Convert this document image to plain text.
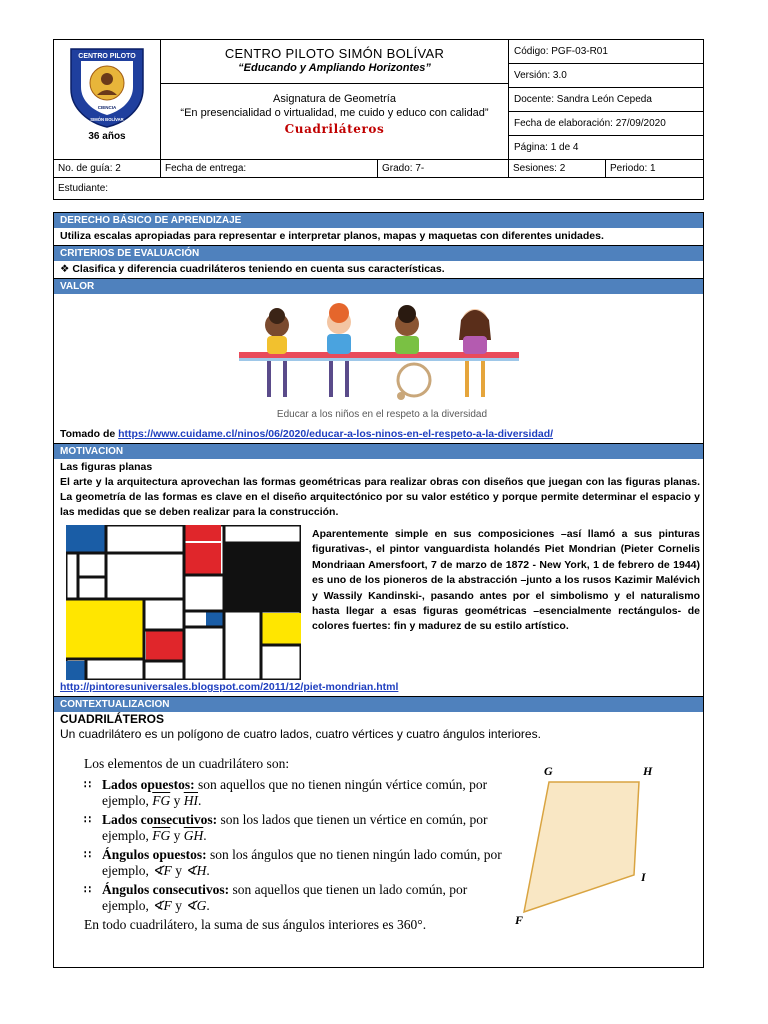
CENTRO PILOTO
CIENCIA
SIMÓN BOLÍVAR
36 años
CENTRO PILOTO SIMÓN BOLÍVAR
“Educando y Ampliando Horizontes”
Asignatura de Geometría
“En presencialidad o virtualidad, me cuido y educo con calidad”
Cuadriláteros
Código: PGF-03-R01
Versión: 3.0
Docente: Sandra León Cepeda
Fecha de elaboración: 27/09/2020
Página: 1 de 4
No. de guía: 2	Fecha de entrega:	Grado: 7-	Sesiones: 2	Periodo: 1
Estudiante:
DERECHO BÁSICO DE APRENDIZAJE
Utiliza escalas apropiadas para representar e interpretar planos, mapas y maquetas con diferentes unidades.
CRITERIOS DE EVALUACIÓN
❖ Clasifica y diferencia cuadriláteros teniendo en cuenta sus características.
VALOR
Educar a los niños en el respeto a la diversidad
Tomado de https://www.cuidame.cl/ninos/06/2020/educar-a-los-ninos-en-el-respeto-a-la-diversidad/
MOTIVACION
Las figuras planas
El arte y la arquitectura aprovechan las formas geométricas para realizar obras con diseños que juegan con las figuras planas. La geometría de las formas es clave en el diseño arquitectónico por su valor estético y porque permite determinar el espacio y las medidas que se deben realizar para la construcción.
Aparentemente simple en sus composiciones –así llamó a sus pinturas figurativas-, el pintor vanguardista holandés Piet Mondrian (Pieter Cornelis Mondriaan Amersfoort, 7 de marzo de 1872 - New York, 1 de febrero de 1944) es uno de los pioneros de la abstracción –junto a los rusos Kazimir Malévich y Wassily Kandinski-, pasando antes por el simbolismo y el naturalismo hasta llegar a esas figuras geométricas –esencialmente rectángulos- de colores fuertes: fin y madurez de su estilo artístico.
http://pintoresuniversales.blogspot.com/2011/12/piet-mondrian.html
CONTEXTUALIZACION
CUADRILÁTEROS
Un cuadrilátero es un polígono de cuatro lados, cuatro vértices y cuatro ángulos interiores.
Los elementos de un cuadrilátero son:
∷ Lados opuestos: son aquellos que no tienen ningún vértice común, por ejemplo, $\overline{FG}$ y $\overline{HI}$.
∷ Lados consecutivos: son los lados que tienen un vértice en común, por ejemplo, $\overline{FG}$ y $\overline{GH}$.
∷ Ángulos opuestos: son los ángulos que no tienen ningún lado común, por ejemplo, ∢F y ∢H.
∷ Ángulos consecutivos: son aquellos que tienen un lado común, por ejemplo, ∢F y ∢G.
En todo cuadrilátero, la suma de sus ángulos interiores es 360°.
G	H
I
F
